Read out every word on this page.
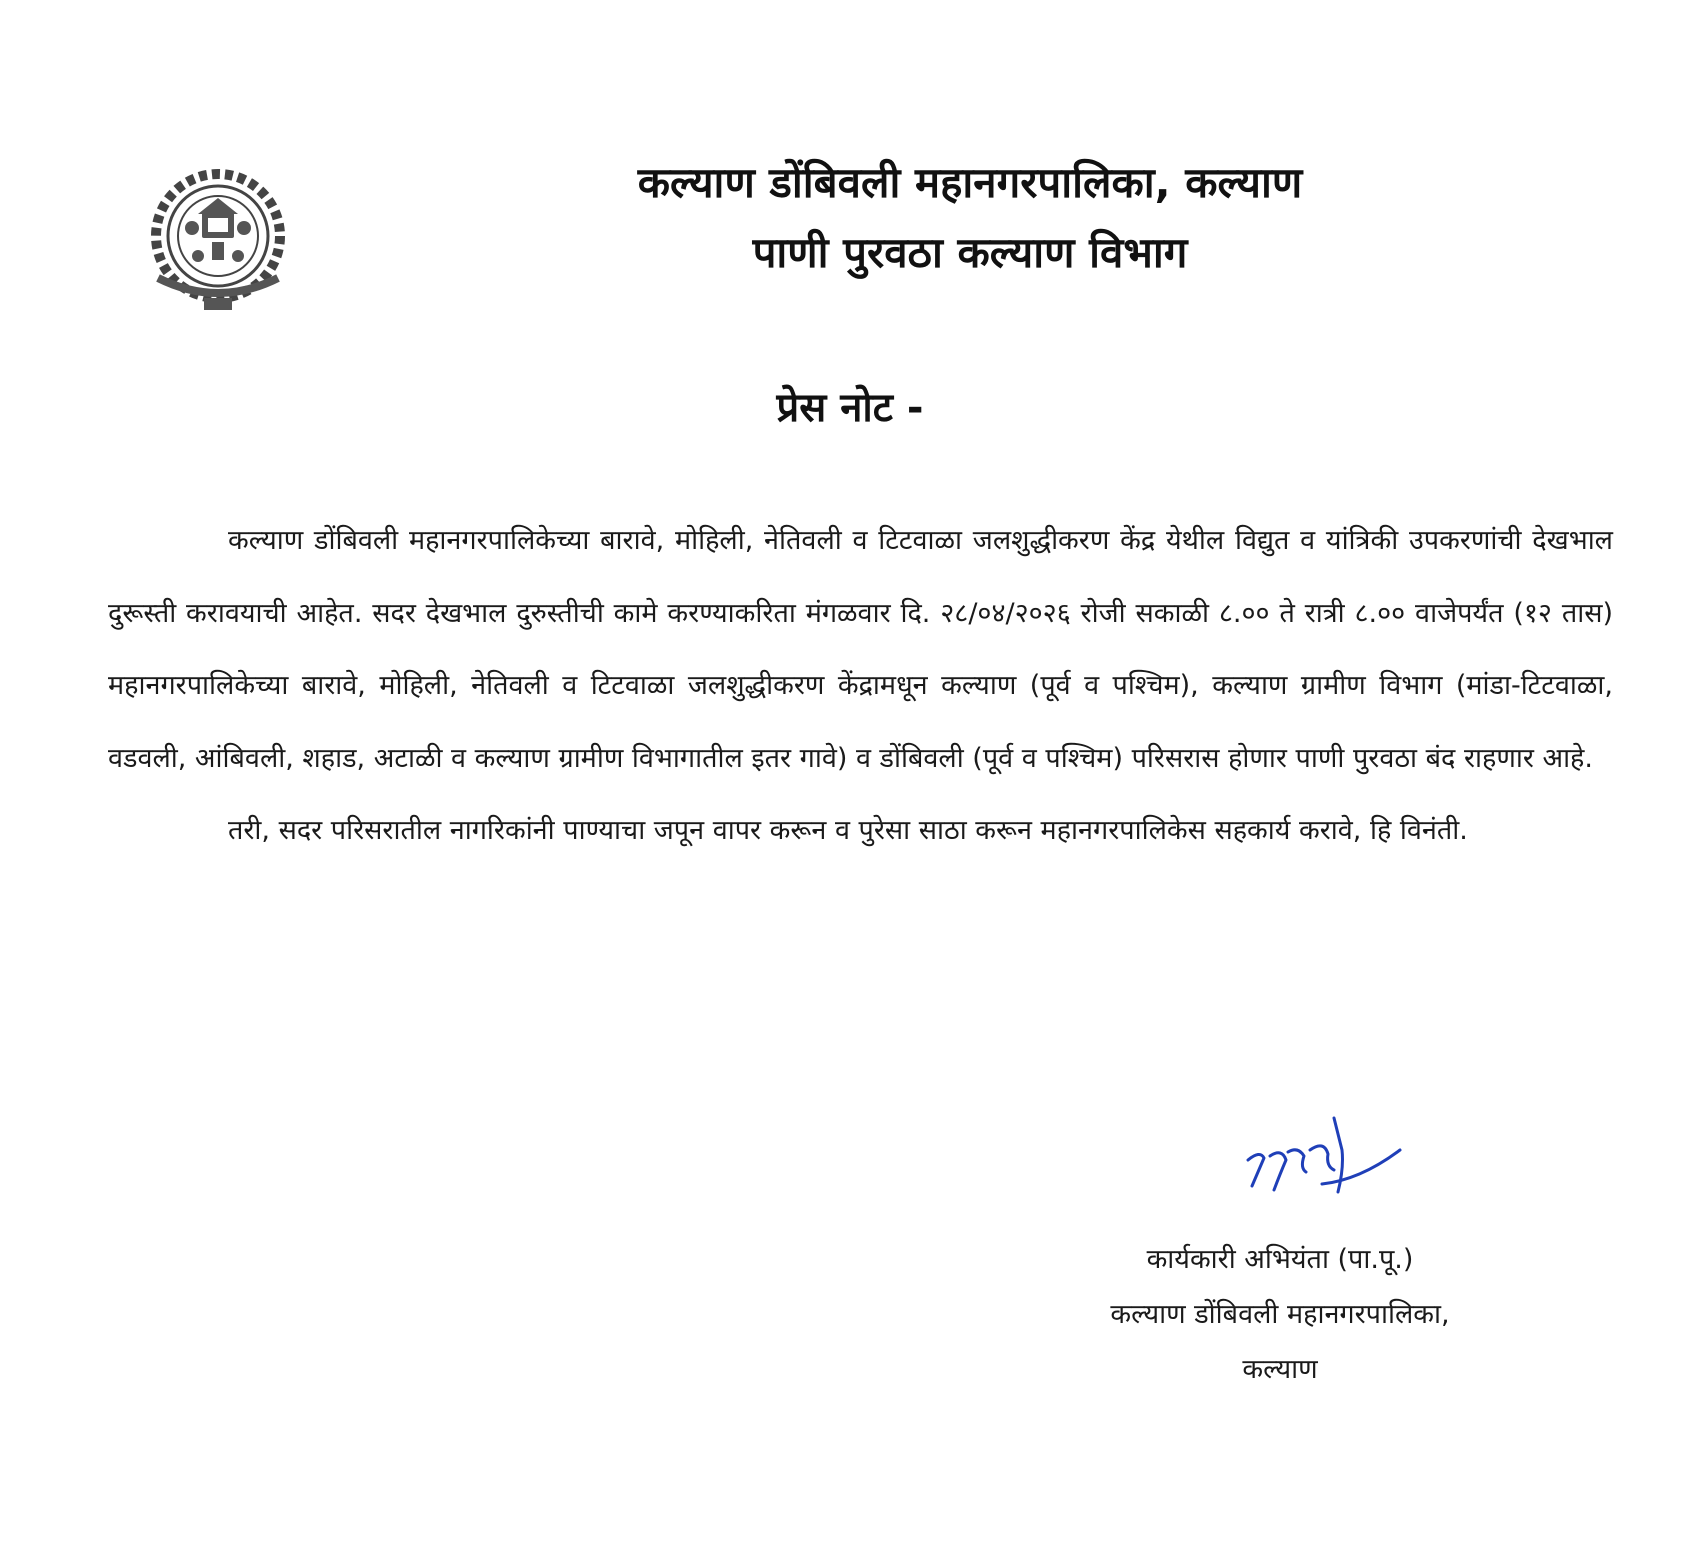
कल्याण डोंबिवली महानगरपालिका, कल्याण
पाणी पुरवठा कल्याण विभाग
प्रेस नोट -

कल्याण डोंबिवली महानगरपालिकेच्या बारावे, मोहिली, नेतिवली व टिटवाळा जलशुद्धीकरण केंद्र येथील विद्युत व यांत्रिकी उपकरणांची देखभाल दुरूस्ती करावयाची आहेत. सदर देखभाल दुरुस्तीची कामे करण्याकरिता मंगळवार दि. २८/०४/२०२६ रोजी सकाळी ८.०० ते रात्री ८.०० वाजेपर्यंत (१२ तास) महानगरपालिकेच्या बारावे, मोहिली, नेतिवली व टिटवाळा जलशुद्धीकरण केंद्रामधून कल्याण (पूर्व व पश्चिम), कल्याण ग्रामीण विभाग (मांडा-टिटवाळा, वडवली, आंबिवली, शहाड, अटाळी व कल्याण ग्रामीण विभागातील इतर गावे) व डोंबिवली (पूर्व व पश्चिम) परिसरास होणार पाणी पुरवठा बंद राहणार आहे.

तरी, सदर परिसरातील नागरिकांनी पाण्याचा जपून वापर करून व पुरेसा साठा करून महानगरपालिकेस सहकार्य करावे, हि विनंती.

कार्यकारी अभियंता (पा.पू.)
कल्याण डोंबिवली महानगरपालिका,
कल्याण
